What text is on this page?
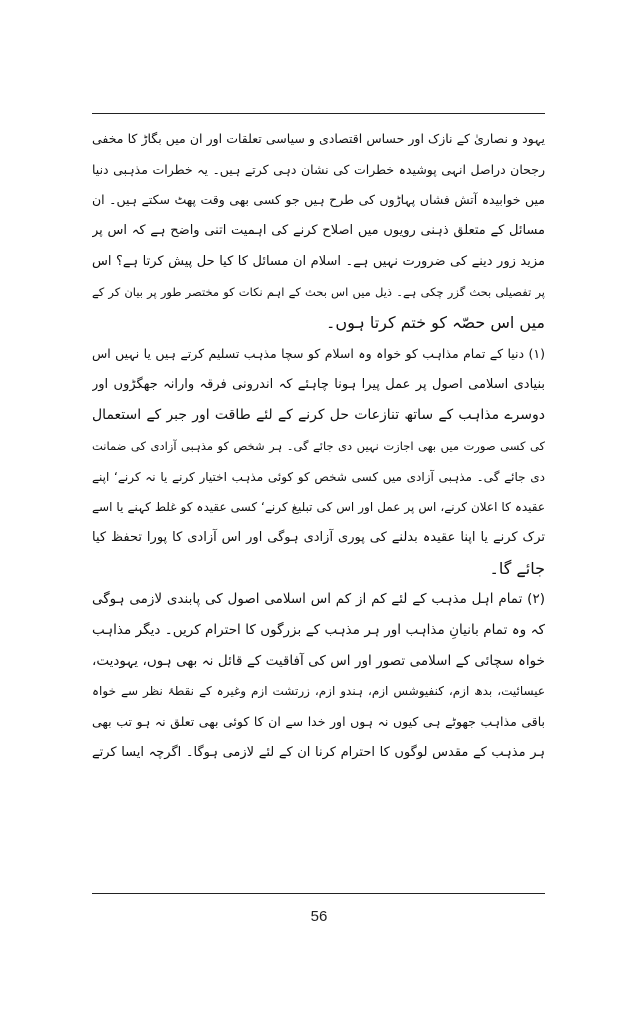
یہود و نصاریٰ کے نازک اور حساس اقتصادی و سیاسی تعلقات اور ان میں بگاڑ کا مخفی
رجحان دراصل انہی پوشیدہ خطرات کی نشان دہی کرتے ہیں۔ یہ خطرات مذہبی دنیا
میں خوابیدہ آتش فشاں پہاڑوں کی طرح ہیں جو کسی بھی وقت پھٹ سکتے ہیں۔ ان
مسائل کے متعلق ذہنی رویوں میں اصلاح کرنے کی اہمیت اتنی واضح ہے کہ اس پر
مزید زور دینے کی ضرورت نہیں ہے۔ اسلام ان مسائل کا کیا حل پیش کرتا ہے؟ اس
پر تفصیلی بحث گزر چکی ہے۔ ذیل میں اس بحث کے اہم نکات کو مختصر طور پر بیان کر کے
میں اس حصّہ کو ختم کرتا ہوں۔
(۱) دنیا کے تمام مذاہب کو خواہ وہ اسلام کو سچا مذہب تسلیم کرتے ہیں یا نہیں اس
بنیادی اسلامی اصول پر عمل پیرا ہونا چاہئے کہ اندرونی فرقہ وارانہ جھگڑوں اور
دوسرے مذاہب کے ساتھ تنازعات حل کرنے کے لئے طاقت اور جبر کے استعمال
کی کسی صورت میں بھی اجازت نہیں دی جائے گی۔ ہر شخص کو مذہبی آزادی کی ضمانت
دی جائے گی۔ مذہبی آزادی میں کسی شخص کو کوئی مذہب اختیار کرنے یا نہ کرنے‘ اپنے
عقیدہ کا اعلان کرنے، اس پر عمل اور اس کی تبلیغ کرنے‘ کسی عقیدہ کو غلط کہنے یا اسے
ترک کرنے یا اپنا عقیدہ بدلنے کی پوری آزادی ہوگی اور اس آزادی کا پورا تحفظ کیا
جائے گا۔
(۲) تمام اہل مذہب کے لئے کم از کم اس اسلامی اصول کی پابندی لازمی ہوگی
کہ وہ تمام بانیانِ مذاہب اور ہر مذہب کے بزرگوں کا احترام کریں۔ دیگر مذاہب
خواہ سچائی کے اسلامی تصور اور اس کی آفاقیت کے قائل نہ بھی ہوں، یہودیت،
عیسائیت، بدھ ازم، کنفیوشس ازم، ہندو ازم، زرتشت ازم وغیرہ کے نقطۂ نظر سے خواہ
باقی مذاہب جھوٹے ہی کیوں نہ ہوں اور خدا سے ان کا کوئی بھی تعلق نہ ہو تب بھی
ہر مذہب کے مقدس لوگوں کا احترام کرنا ان کے لئے لازمی ہوگا۔ اگرچہ ایسا کرتے
56
